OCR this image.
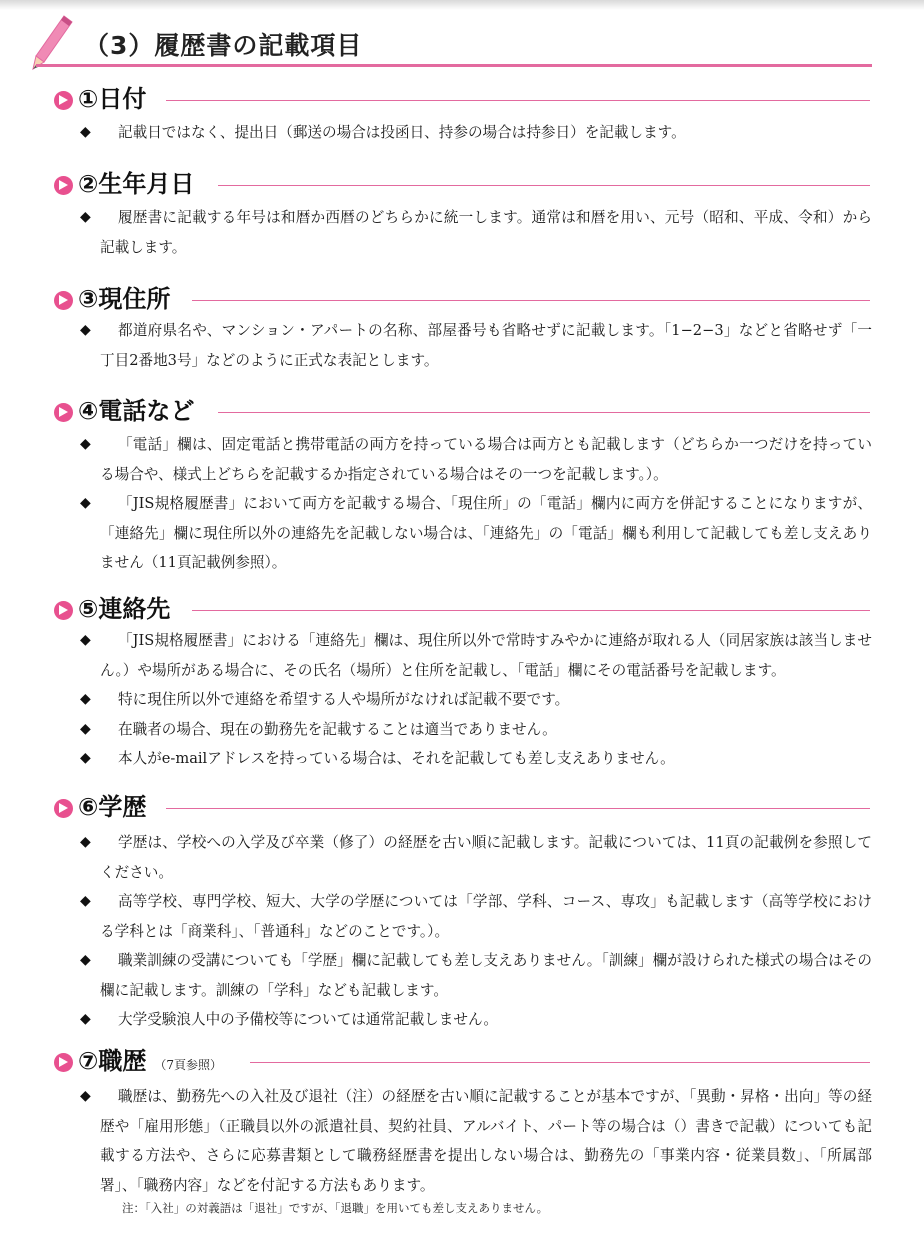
（3）履歴書の記載項目
①日付
◆	記載日ではなく、提出日（郵送の場合は投函日、持参の場合は持参日）を記載します。
②生年月日
◆	履歴書に記載する年号は和暦か西暦のどちらかに統一します。通常は和暦を用い、元号（昭和、平成、令和）から記載します。
③現住所
◆	都道府県名や、マンション・アパートの名称、部屋番号も省略せずに記載します。「1−2−3」などと省略せず「一丁目2番地3号」などのように正式な表記とします。
④電話など
◆	「電話」欄は、固定電話と携帯電話の両方を持っている場合は両方とも記載します（どちらか一つだけを持っている場合や、様式上どちらを記載するか指定されている場合はその一つを記載します。）。
◆	「JIS規格履歴書」において両方を記載する場合、「現住所」の「電話」欄内に両方を併記することになりますが、「連絡先」欄に現住所以外の連絡先を記載しない場合は、「連絡先」の「電話」欄も利用して記載しても差し支えありません（11頁記載例参照）。
⑤連絡先
◆	「JIS規格履歴書」における「連絡先」欄は、現住所以外で常時すみやかに連絡が取れる人（同居家族は該当しません。）や場所がある場合に、その氏名（場所）と住所を記載し、「電話」欄にその電話番号を記載します。
◆	特に現住所以外で連絡を希望する人や場所がなければ記載不要です。
◆	在職者の場合、現在の勤務先を記載することは適当でありません。
◆	本人がe-mailアドレスを持っている場合は、それを記載しても差し支えありません。
⑥学歴
◆	学歴は、学校への入学及び卒業（修了）の経歴を古い順に記載します。記載については、11頁の記載例を参照してください。
◆	高等学校、専門学校、短大、大学の学歴については「学部、学科、コース、専攻」も記載します（高等学校における学科とは「商業科」、「普通科」などのことです。）。
◆	職業訓練の受講についても「学歴」欄に記載しても差し支えありません。「訓練」欄が設けられた様式の場合はその欄に記載します。訓練の「学科」なども記載します。
◆	大学受験浪人中の予備校等については通常記載しません。
⑦職歴 （7頁参照）
◆	職歴は、勤務先への入社及び退社（注）の経歴を古い順に記載することが基本ですが、「異動・昇格・出向」等の経歴や「雇用形態」（正職員以外の派遣社員、契約社員、アルバイト、パート等の場合は（）書きで記載）についても記載する方法や、さらに応募書類として職務経歴書を提出しない場合は、勤務先の「事業内容・従業員数」、「所属部署」、「職務内容」などを付記する方法もあります。
注：「入社」の対義語は「退社」ですが、「退職」を用いても差し支えありません。
